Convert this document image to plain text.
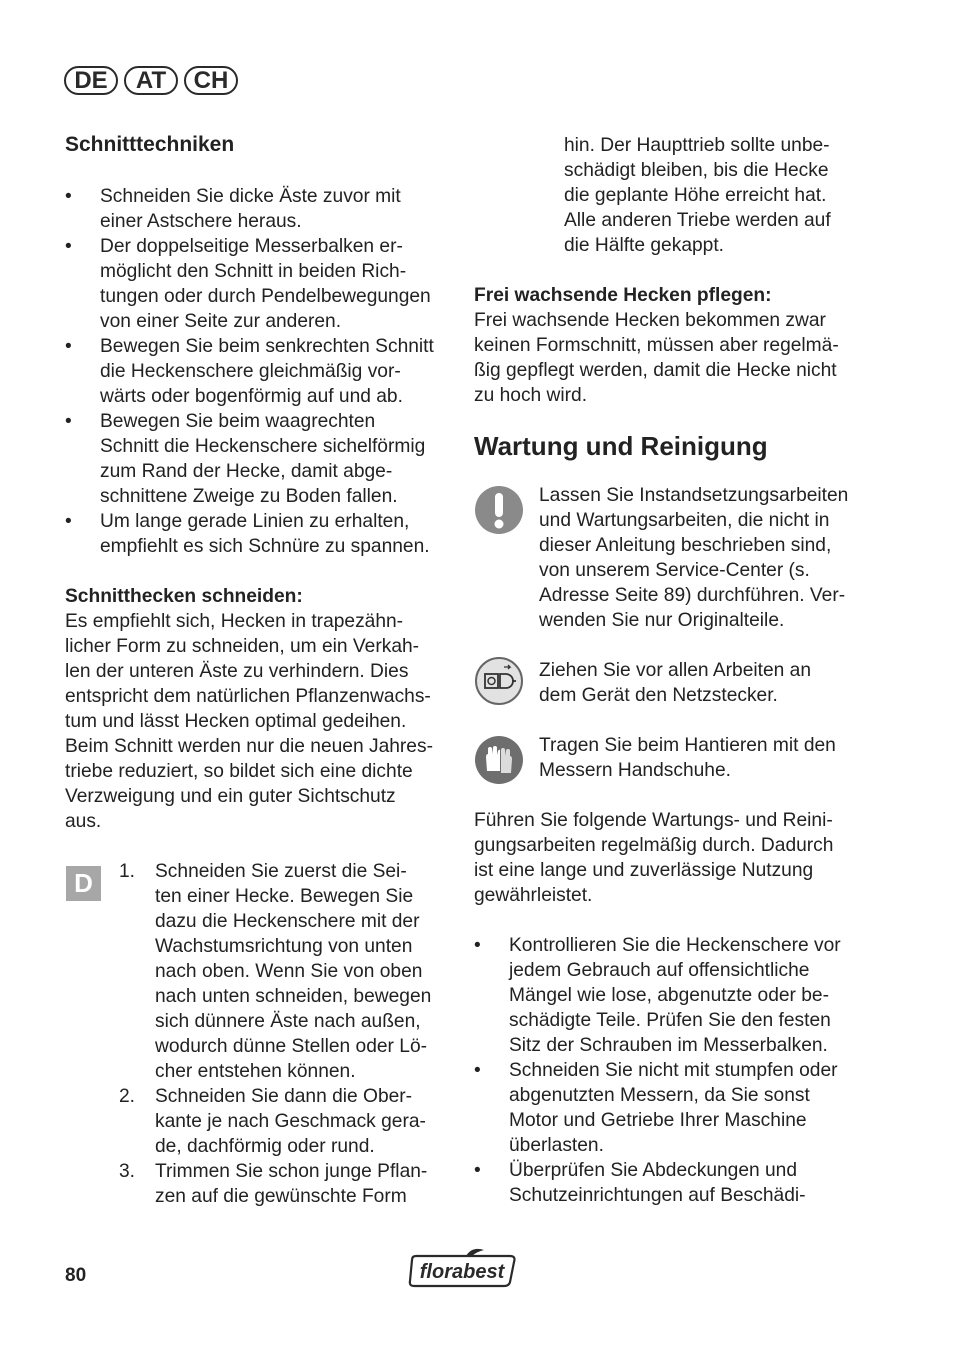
DE	AT	CH
Schnitttechniken
• Schneiden Sie dicke Äste zuvor mit
einer Astschere heraus.
• Der doppelseitige Messerbalken er-
möglicht den Schnitt in beiden Rich-
tungen oder durch Pendelbewegungen
von einer Seite zur anderen.
• Bewegen Sie beim senkrechten Schnitt
die Heckenschere gleichmäßig vor-
wärts oder bogenförmig auf und ab.
• Bewegen Sie beim waagrechten
Schnitt die Heckenschere sichelförmig
zum Rand der Hecke, damit abge-
schnittene Zweige zu Boden fallen.
• Um lange gerade Linien zu erhalten,
empfiehlt es sich Schnüre zu spannen.
Schnitthecken schneiden:
Es empfiehlt sich, Hecken in trapezähn-
licher Form zu schneiden, um ein Verkah-
len der unteren Äste zu verhindern. Dies
entspricht dem natürlichen Pflanzenwachs-
tum und lässt Hecken optimal gedeihen.
Beim Schnitt werden nur die neuen Jahres-
triebe reduziert, so bildet sich eine dichte
Verzweigung und ein guter Sichtschutz
aus.
1. Schneiden Sie zuerst die Sei-
ten einer Hecke. Bewegen Sie
dazu die Heckenschere mit der
Wachstumsrichtung von unten
nach oben. Wenn Sie von oben
nach unten schneiden, bewegen
sich dünnere Äste nach außen,
wodurch dünne Stellen oder Lö-
cher entstehen können.
2. Schneiden Sie dann die Ober-
kante je nach Geschmack gera-
de, dachförmig oder rund.
3. Trimmen Sie schon junge Pflan-
zen auf die gewünschte Form
D
hin. Der Haupttrieb sollte unbe-
schädigt bleiben, bis die Hecke
die geplante Höhe erreicht hat.
Alle anderen Triebe werden auf
die Hälfte gekappt.
Frei wachsende Hecken pflegen:
Frei wachsende Hecken bekommen zwar
keinen Formschnitt, müssen aber regelmä-
ßig gepflegt werden, damit die Hecke nicht
zu hoch wird.
Wartung und Reinigung
Lassen Sie Instandsetzungsarbeiten
und Wartungsarbeiten, die nicht in
dieser Anleitung beschrieben sind,
von unserem Service-Center (s.
Adresse Seite 89) durchführen. Ver-
wenden Sie nur Originalteile.
Ziehen Sie vor allen Arbeiten an
dem Gerät den Netzstecker.
Tragen Sie beim Hantieren mit den
Messern Handschuhe.
Führen Sie folgende Wartungs- und Reini-
gungsarbeiten regelmäßig durch. Dadurch
ist eine lange und zuverlässige Nutzung
gewährleistet.
• Kontrollieren Sie die Heckenschere vor
jedem Gebrauch auf offensichtliche
Mängel wie lose, abgenutzte oder be-
schädigte Teile. Prüfen Sie den festen
Sitz der Schrauben im Messerbalken.
• Schneiden Sie nicht mit stumpfen oder
abgenutzten Messern, da Sie sonst
Motor und Getriebe Ihrer Maschine
überlasten.
• Überprüfen Sie Abdeckungen und
Schutzeinrichtungen auf Beschädi-
80	florabest
